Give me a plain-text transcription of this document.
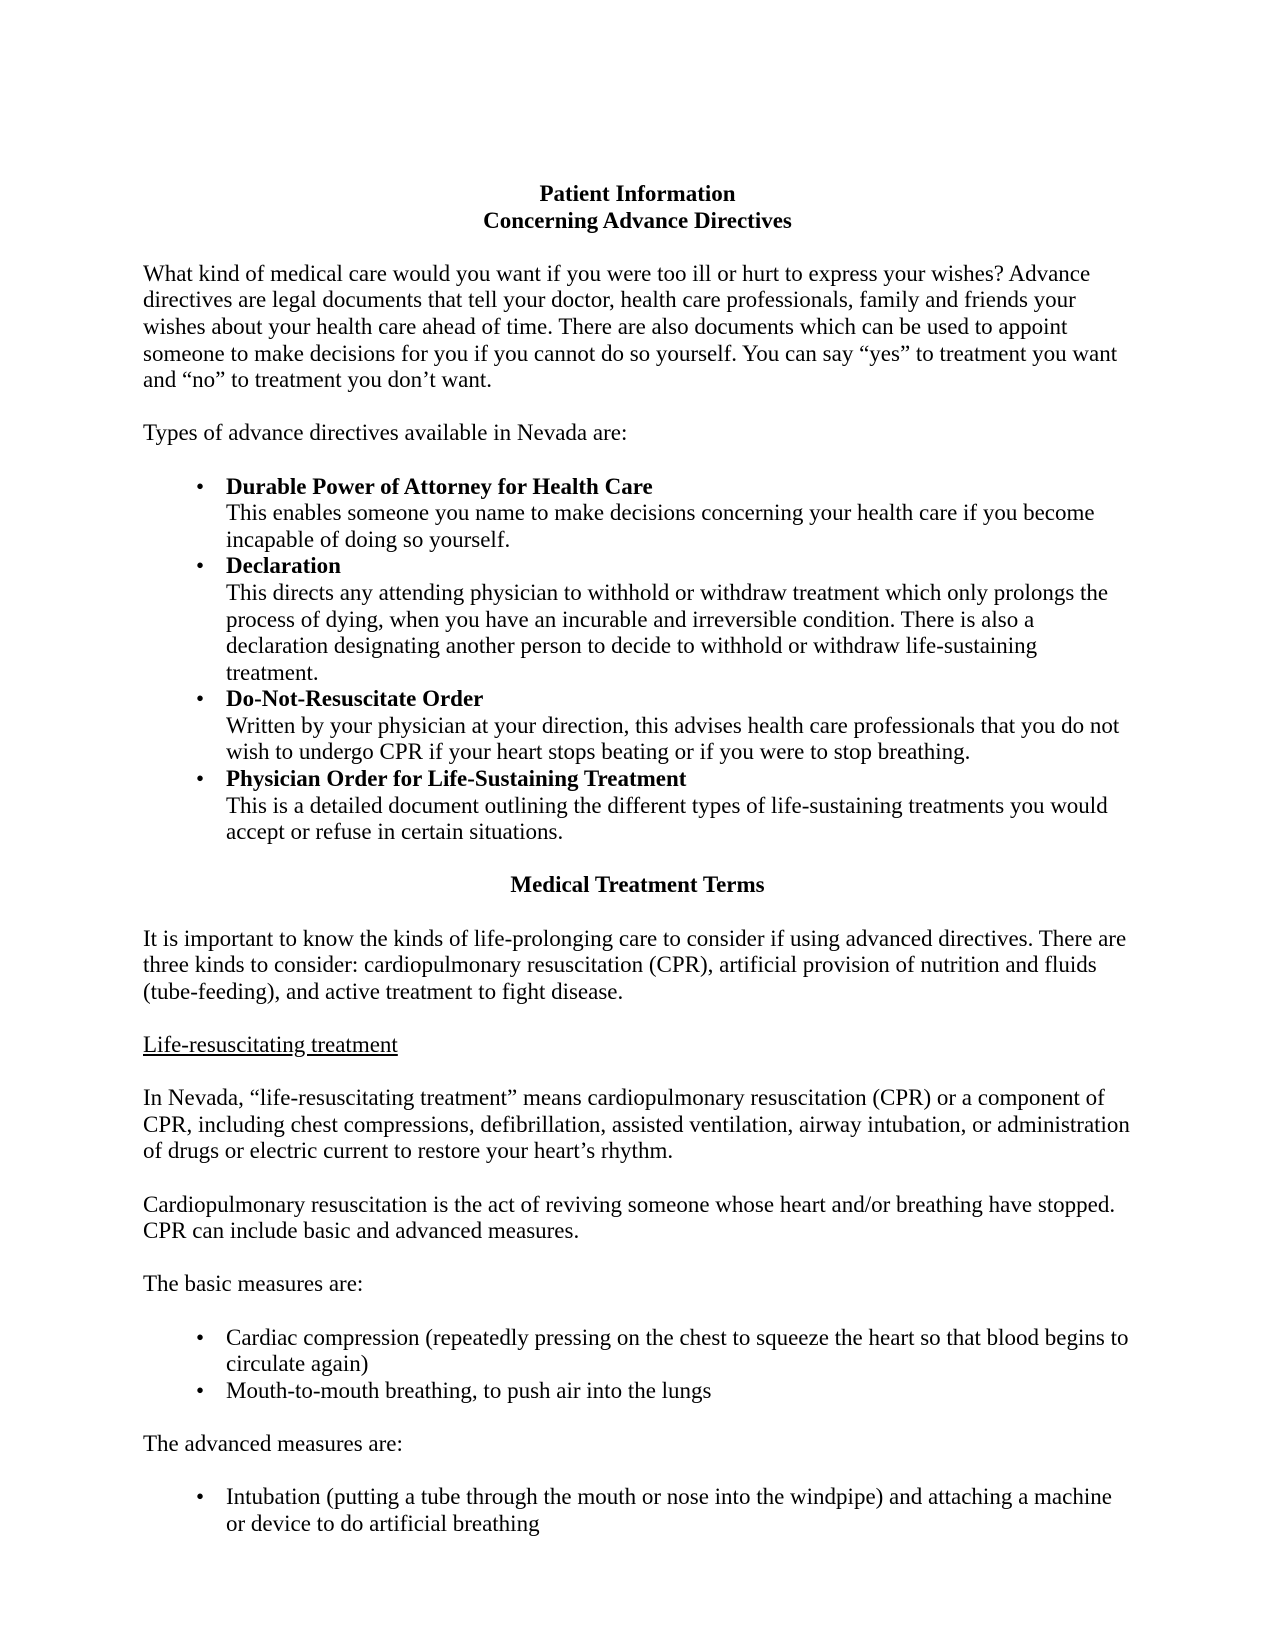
Patient Information
Concerning Advance Directives

What kind of medical care would you want if you were too ill or hurt to express your wishes? Advance directives are legal documents that tell your doctor, health care professionals, family and friends your wishes about your health care ahead of time. There are also documents which can be used to appoint someone to make decisions for you if you cannot do so yourself. You can say “yes” to treatment you want and “no” to treatment you don’t want.

Types of advance directives available in Nevada are:

• Durable Power of Attorney for Health Care
This enables someone you name to make decisions concerning your health care if you become incapable of doing so yourself.
• Declaration
This directs any attending physician to withhold or withdraw treatment which only prolongs the process of dying, when you have an incurable and irreversible condition. There is also a declaration designating another person to decide to withhold or withdraw life-sustaining treatment.
• Do-Not-Resuscitate Order
Written by your physician at your direction, this advises health care professionals that you do not wish to undergo CPR if your heart stops beating or if you were to stop breathing.
• Physician Order for Life-Sustaining Treatment
This is a detailed document outlining the different types of life-sustaining treatments you would accept or refuse in certain situations.
Medical Treatment Terms

It is important to know the kinds of life-prolonging care to consider if using advanced directives. There are three kinds to consider: cardiopulmonary resuscitation (CPR), artificial provision of nutrition and fluids (tube-feeding), and active treatment to fight disease.

Life-resuscitating treatment

In Nevada, “life-resuscitating treatment” means cardiopulmonary resuscitation (CPR) or a component of CPR, including chest compressions, defibrillation, assisted ventilation, airway intubation, or administration of drugs or electric current to restore your heart’s rhythm.

Cardiopulmonary resuscitation is the act of reviving someone whose heart and/or breathing have stopped. CPR can include basic and advanced measures.

The basic measures are:

• Cardiac compression (repeatedly pressing on the chest to squeeze the heart so that blood begins to circulate again)
• Mouth-to-mouth breathing, to push air into the lungs

The advanced measures are:

• Intubation (putting a tube through the mouth or nose into the windpipe) and attaching a machine or device to do artificial breathing
